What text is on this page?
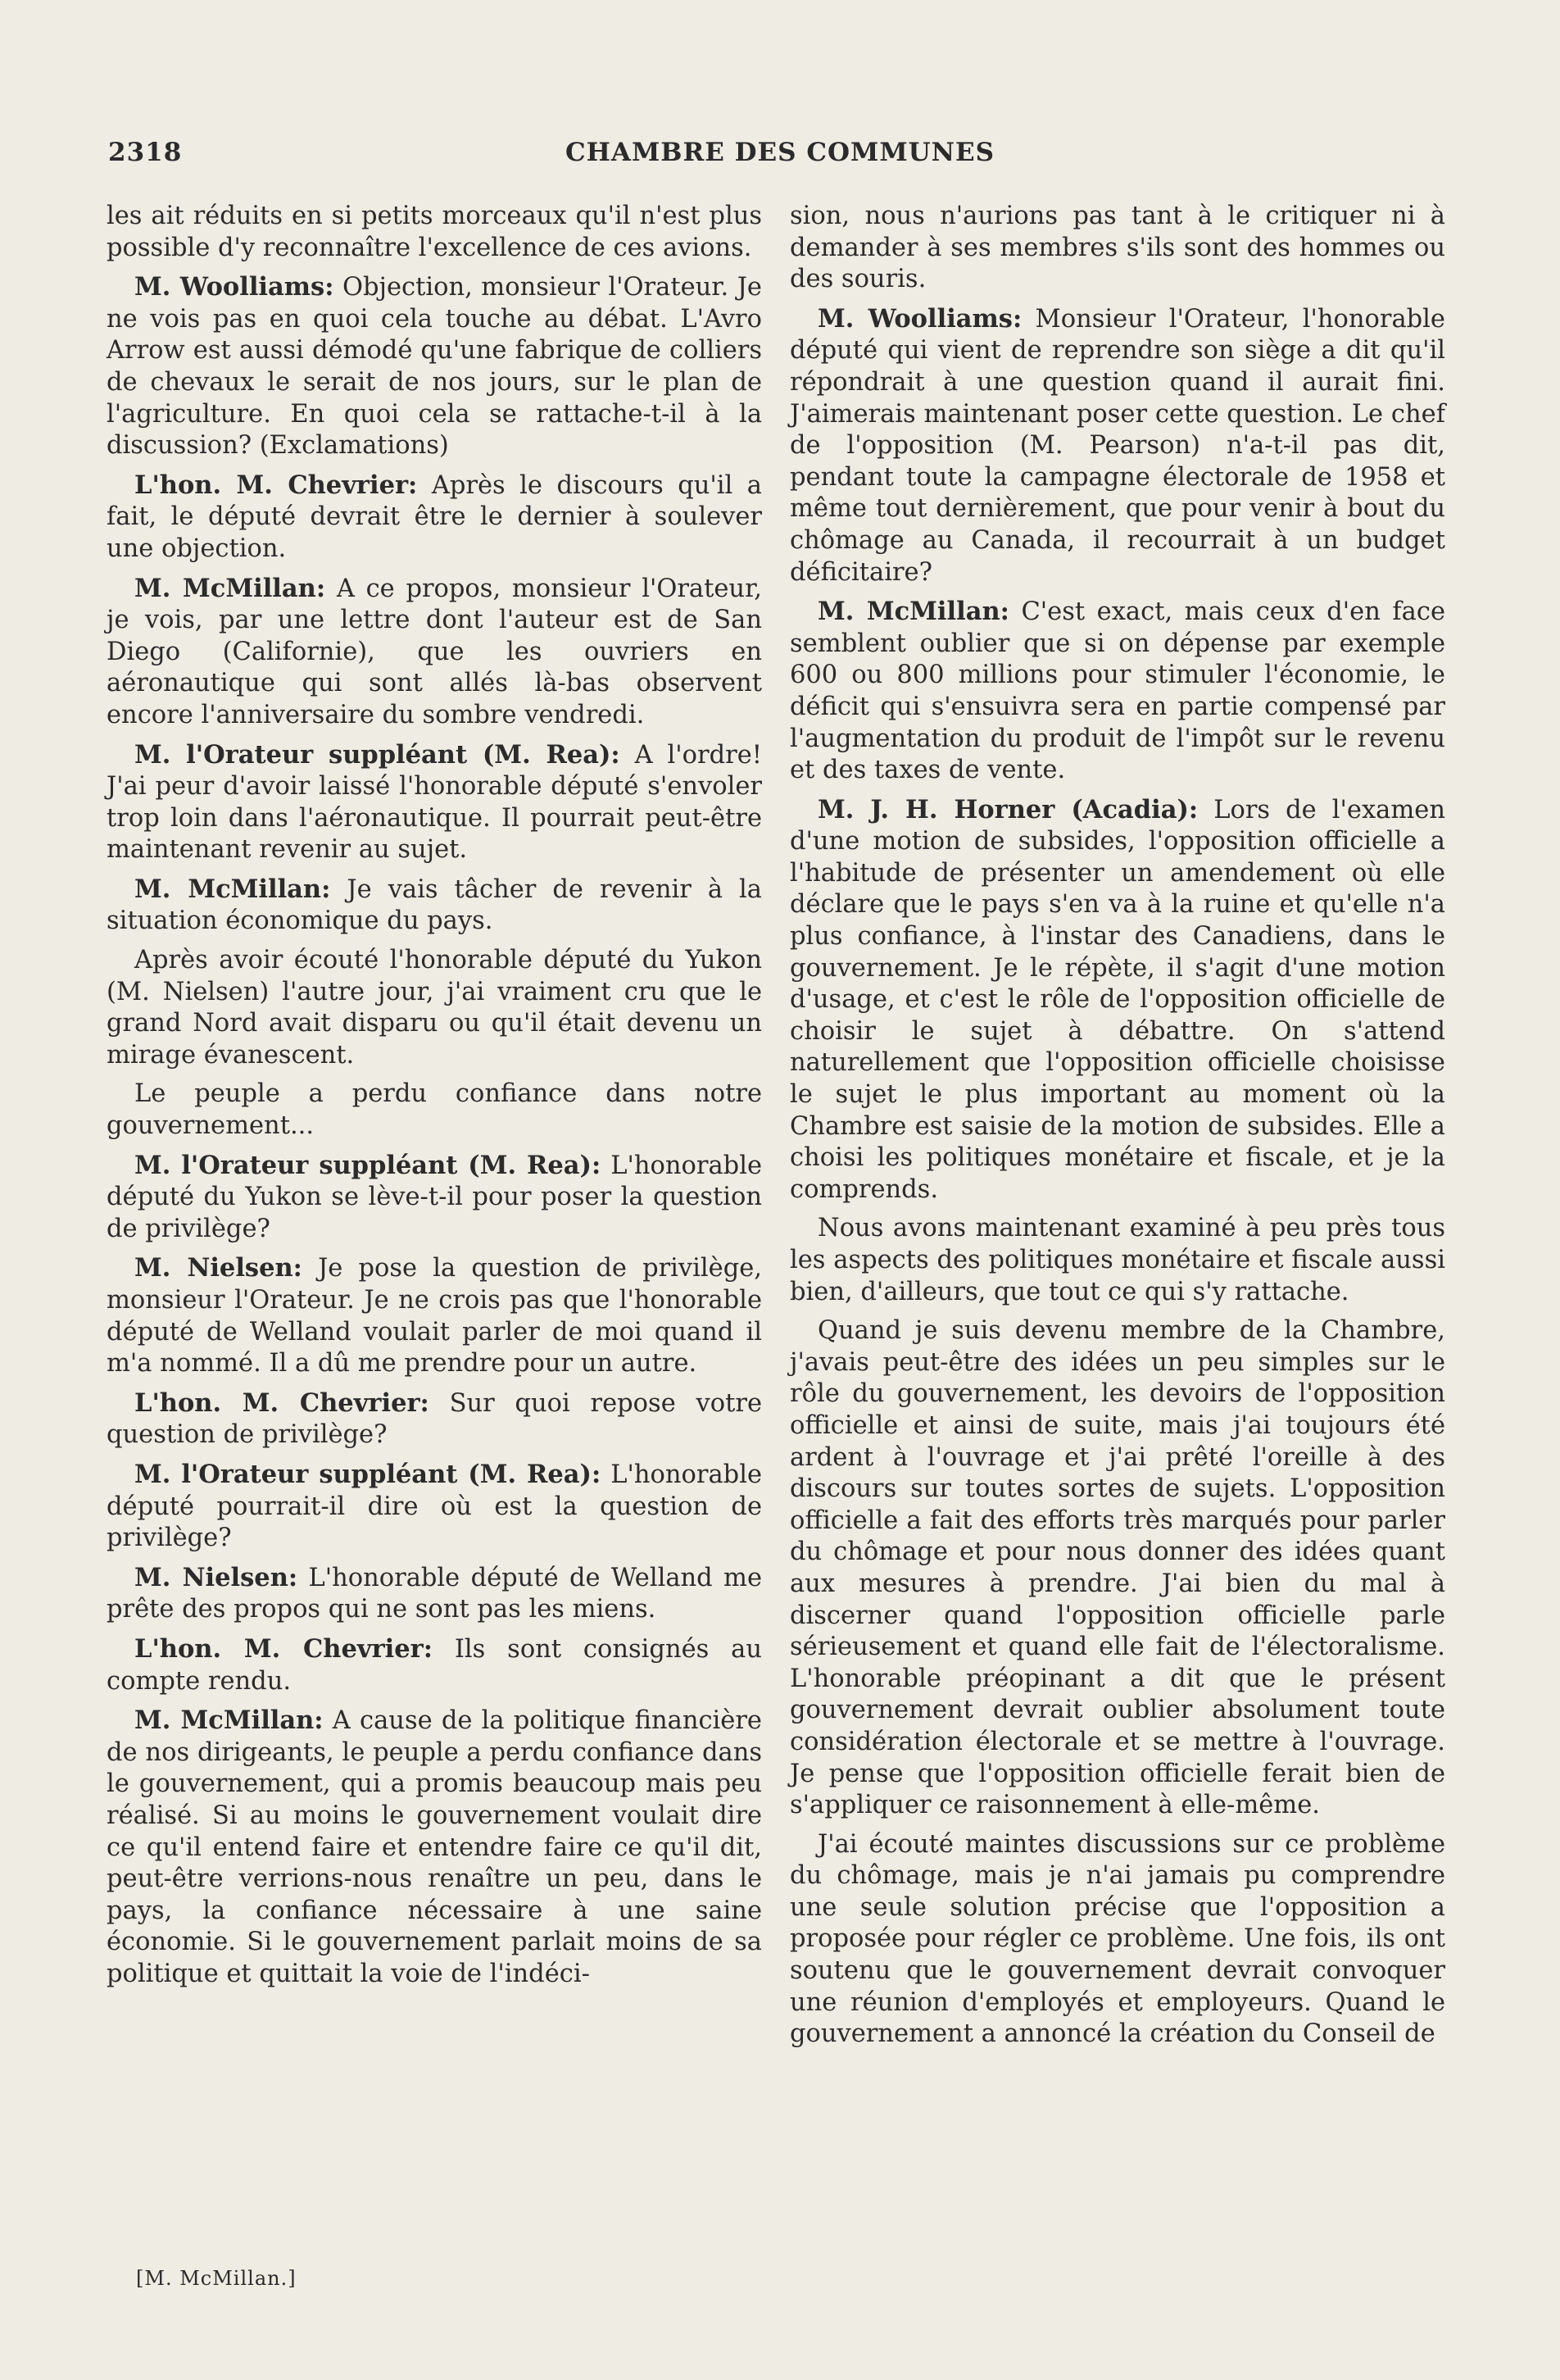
2318	CHAMBRE DES COMMUNES

les ait réduits en si petits morceaux qu'il n'est plus possible d'y reconnaître l'excellence de ces avions.

M. Woolliams: Objection, monsieur l'Orateur. Je ne vois pas en quoi cela touche au débat. L'Avro Arrow est aussi démodé qu'une fabrique de colliers de chevaux le serait de nos jours, sur le plan de l'agriculture. En quoi cela se rattache-t-il à la discussion? (Exclamations)

L'hon. M. Chevrier: Après le discours qu'il a fait, le député devrait être le dernier à soulever une objection.

M. McMillan: A ce propos, monsieur l'Orateur, je vois, par une lettre dont l'auteur est de San Diego (Californie), que les ouvriers en aéronautique qui sont allés là-bas observent encore l'anniversaire du sombre vendredi.

M. l'Orateur suppléant (M. Rea): A l'ordre! J'ai peur d'avoir laissé l'honorable député s'envoler trop loin dans l'aéronautique. Il pourrait peut-être maintenant revenir au sujet.

M. McMillan: Je vais tâcher de revenir à la situation économique du pays.

Après avoir écouté l'honorable député du Yukon (M. Nielsen) l'autre jour, j'ai vraiment cru que le grand Nord avait disparu ou qu'il était devenu un mirage évanescent.

Le peuple a perdu confiance dans notre gouvernement...

M. l'Orateur suppléant (M. Rea): L'honorable député du Yukon se lève-t-il pour poser la question de privilège?

M. Nielsen: Je pose la question de privilège, monsieur l'Orateur. Je ne crois pas que l'honorable député de Welland voulait parler de moi quand il m'a nommé. Il a dû me prendre pour un autre.

L'hon. M. Chevrier: Sur quoi repose votre question de privilège?

M. l'Orateur suppléant (M. Rea): L'honorable député pourrait-il dire où est la question de privilège?

M. Nielsen: L'honorable député de Welland me prête des propos qui ne sont pas les miens.

L'hon. M. Chevrier: Ils sont consignés au compte rendu.

M. McMillan: A cause de la politique financière de nos dirigeants, le peuple a perdu confiance dans le gouvernement, qui a promis beaucoup mais peu réalisé. Si au moins le gouvernement voulait dire ce qu'il entend faire et entendre faire ce qu'il dit, peut-être verrions-nous renaître un peu, dans le pays, la confiance nécessaire à une saine économie. Si le gouvernement parlait moins de sa politique et quittait la voie de l'indéci-

sion, nous n'aurions pas tant à le critiquer ni à demander à ses membres s'ils sont des hommes ou des souris.

M. Woolliams: Monsieur l'Orateur, l'honorable député qui vient de reprendre son siège a dit qu'il répondrait à une question quand il aurait fini. J'aimerais maintenant poser cette question. Le chef de l'opposition (M. Pearson) n'a-t-il pas dit, pendant toute la campagne électorale de 1958 et même tout dernièrement, que pour venir à bout du chômage au Canada, il recourrait à un budget déficitaire?

M. McMillan: C'est exact, mais ceux d'en face semblent oublier que si on dépense par exemple 600 ou 800 millions pour stimuler l'économie, le déficit qui s'ensuivra sera en partie compensé par l'augmentation du produit de l'impôt sur le revenu et des taxes de vente.

M. J. H. Horner (Acadia): Lors de l'examen d'une motion de subsides, l'opposition officielle a l'habitude de présenter un amendement où elle déclare que le pays s'en va à la ruine et qu'elle n'a plus confiance, à l'instar des Canadiens, dans le gouvernement. Je le répète, il s'agit d'une motion d'usage, et c'est le rôle de l'opposition officielle de choisir le sujet à débattre. On s'attend naturellement que l'opposition officielle choisisse le sujet le plus important au moment où la Chambre est saisie de la motion de subsides. Elle a choisi les politiques monétaire et fiscale, et je la comprends.

Nous avons maintenant examiné à peu près tous les aspects des politiques monétaire et fiscale aussi bien, d'ailleurs, que tout ce qui s'y rattache.

Quand je suis devenu membre de la Chambre, j'avais peut-être des idées un peu simples sur le rôle du gouvernement, les devoirs de l'opposition officielle et ainsi de suite, mais j'ai toujours été ardent à l'ouvrage et j'ai prêté l'oreille à des discours sur toutes sortes de sujets. L'opposition officielle a fait des efforts très marqués pour parler du chômage et pour nous donner des idées quant aux mesures à prendre. J'ai bien du mal à discerner quand l'opposition officielle parle sérieusement et quand elle fait de l'électoralisme. L'honorable préopinant a dit que le présent gouvernement devrait oublier absolument toute considération électorale et se mettre à l'ouvrage. Je pense que l'opposition officielle ferait bien de s'appliquer ce raisonnement à elle-même.

J'ai écouté maintes discussions sur ce problème du chômage, mais je n'ai jamais pu comprendre une seule solution précise que l'opposition a proposée pour régler ce problème. Une fois, ils ont soutenu que le gouvernement devrait convoquer une réunion d'employés et employeurs. Quand le gouvernement a annoncé la création du Conseil de

[M. McMillan.]
